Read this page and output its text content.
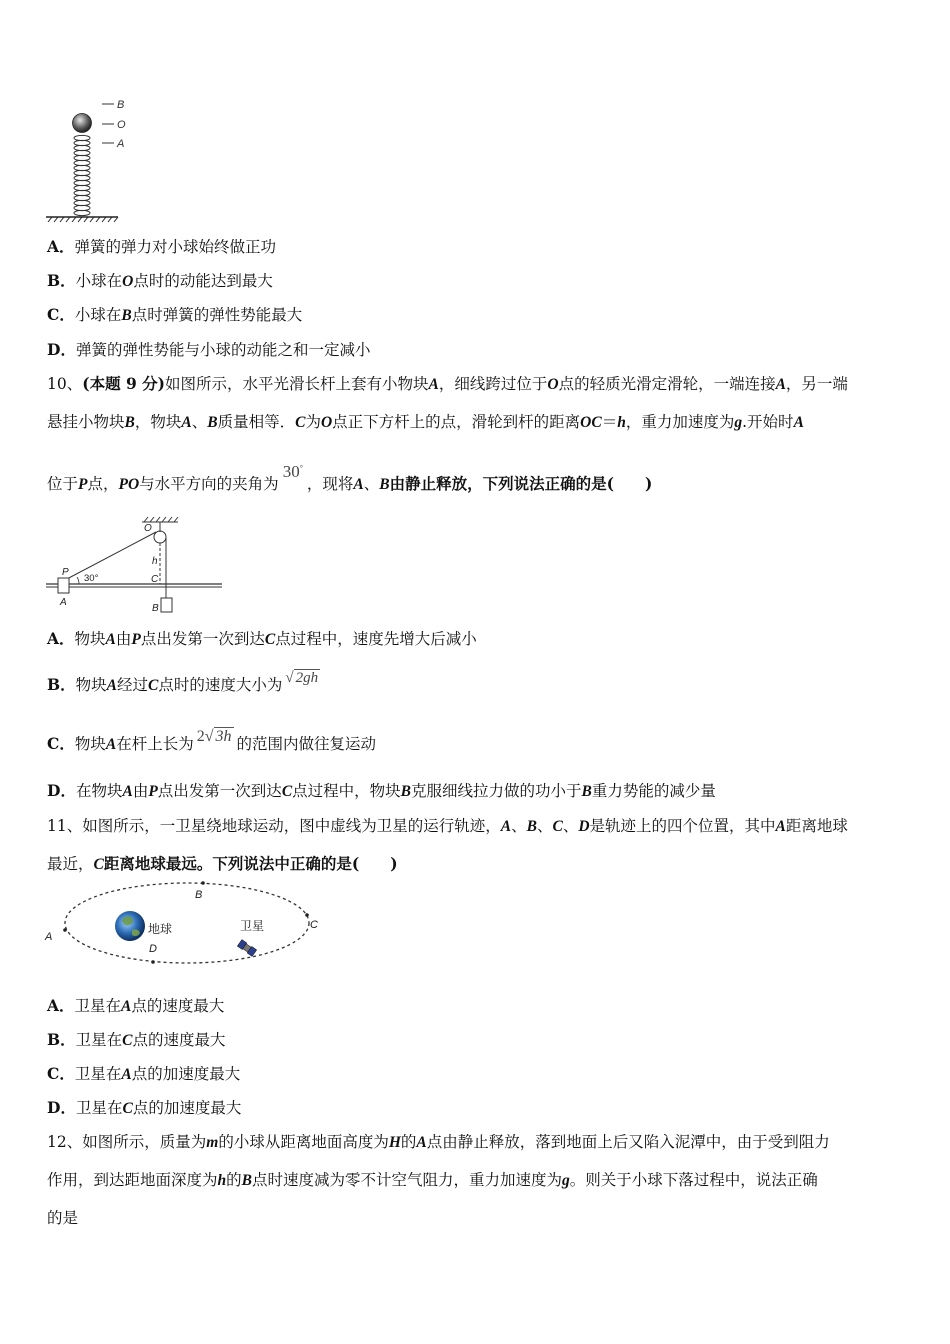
B
O
A
A．弹簧的弹力对小球始终做正功
B．小球在O点时的动能达到最大
C．小球在B点时弹簧的弹性势能最大
D．弹簧的弹性势能与小球的动能之和一定减小
10、(本题 9 分)如图所示，水平光滑长杆上套有小物块A，细线跨过位于O点的轻质光滑定滑轮，一端连接A，另一端
悬挂小物块B，物块A、B质量相等．C为O点正下方杆上的点，滑轮到杆的距离OC＝h，重力加速度为g.开始时A
位于P点，PO与水平方向的夹角为30°，现将A、B由静止释放，下列说法正确的是(　　)
O
h
P
30°	C
A
B
A．物块A由P点出发第一次到达C点过程中，速度先增大后减小
B．物块A经过C点时的速度大小为 √ 2gh
C．物块A在杆上长为 2√ 3h 的范围内做往复运动
D．在物块A由P点出发第一次到达C点过程中，物块B克服细线拉力做的功小于B重力势能的减少量
11、如图所示，一卫星绕地球运动，图中虚线为卫星的运行轨迹，A、B、C、D是轨迹上的四个位置，其中A距离地球
最近，C距离地球最远。下列说法中正确的是(　　)
A
B
C
D
地球	卫星
A．卫星在A点的速度最大
B．卫星在C点的速度最大
C．卫星在A点的加速度最大
D．卫星在C点的加速度最大
12、如图所示，质量为m的小球从距离地面高度为H的A点由静止释放，落到地面上后又陷入泥潭中，由于受到阻力
作用，到达距地面深度为h的B点时速度减为零不计空气阻力，重力加速度为g。则关于小球下落过程中，说法正确
的是
